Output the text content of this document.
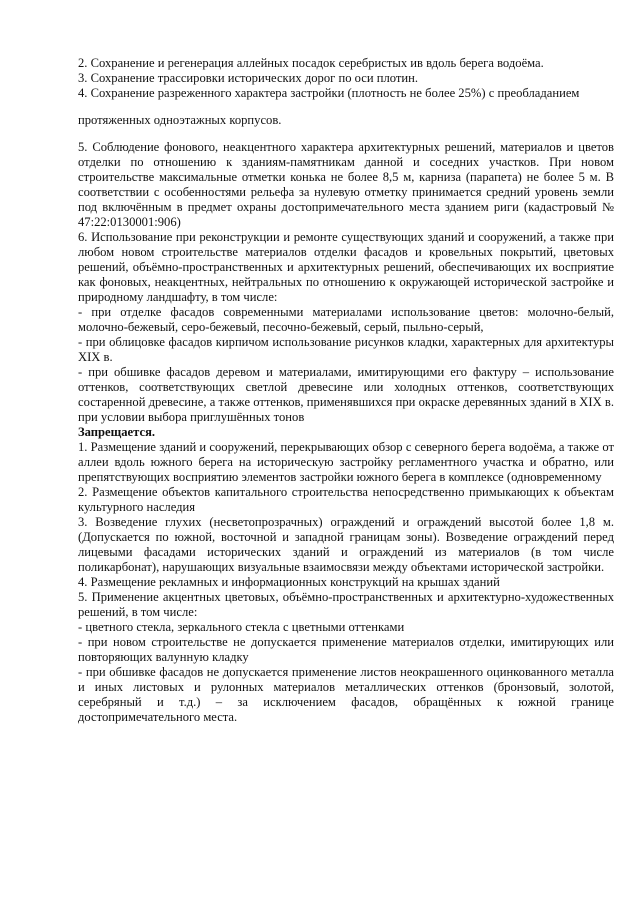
2. Сохранение и регенерация аллейных посадок серебристых ив вдоль берега водоёма.

3. Сохранение трассировки исторических дорог по оси плотин.

4. Сохранение разреженного характера застройки (плотность не более 25%) с преобладанием

протяженных одноэтажных корпусов.

5. Соблюдение фонового, неакцентного характера архитектурных решений, материалов и цветов отделки по отношению к зданиям-памятникам данной и соседних участков. При новом строительстве максимальные отметки конька не более 8,5 м, карниза (парапета) не более 5 м. В соответствии с особенностями рельефа за нулевую отметку принимается средний уровень земли под включённым в предмет охраны достопримечательного места зданием риги (кадастровый № 47:22:0130001:906)

6. Использование при реконструкции и ремонте существующих зданий и сооружений, а также при любом новом строительстве материалов отделки фасадов и кровельных покрытий, цветовых решений, объёмно-пространственных и архитектурных решений, обеспечивающих их восприятие как фоновых, неакцентных, нейтральных по отношению к окружающей исторической застройке и природному ландшафту, в том числе:

- при отделке фасадов современными материалами использование цветов: молочно-белый, молочно-бежевый, серо-бежевый, песочно-бежевый, серый, пыльно-серый,

- при облицовке фасадов кирпичом использование рисунков кладки, характерных для архитектуры XIX в.

- при обшивке фасадов деревом и материалами, имитирующими его фактуру – использование оттенков, соответствующих светлой древесине или холодных оттенков, соответствующих состаренной древесине, а также оттенков, применявшихся при окраске деревянных зданий в XIX в. при условии выбора приглушённых тонов

Запрещается.

1. Размещение зданий и сооружений, перекрывающих обзор с северного берега водоёма, а также от аллеи вдоль южного берега на историческую застройку регламентного участка и обратно, или препятствующих восприятию элементов застройки южного берега в комплексе (одновременному

2. Размещение объектов капитального строительства непосредственно примыкающих к объектам культурного наследия

3. Возведение глухих (несветопрозрачных) ограждений и ограждений высотой более 1,8 м. (Допускается по южной, восточной и западной границам зоны). Возведение ограждений перед лицевыми фасадами исторических зданий и ограждений из материалов (в том числе поликарбонат), нарушающих визуальные взаимосвязи между объектами исторической застройки.

4. Размещение рекламных и информационных конструкций на крышах зданий

5. Применение акцентных цветовых, объёмно-пространственных и архитектурно-художественных решений, в том числе:

- цветного стекла, зеркального стекла с цветными оттенками

- при новом строительстве не допускается применение материалов отделки, имитирующих или повторяющих валунную кладку

- при обшивке фасадов не допускается применение листов неокрашенного оцинкованного металла и иных листовых и рулонных материалов металлических оттенков (бронзовый, золотой, серебряный и т.д.) – за исключением фасадов, обращённых к южной границе достопримечательного места.
